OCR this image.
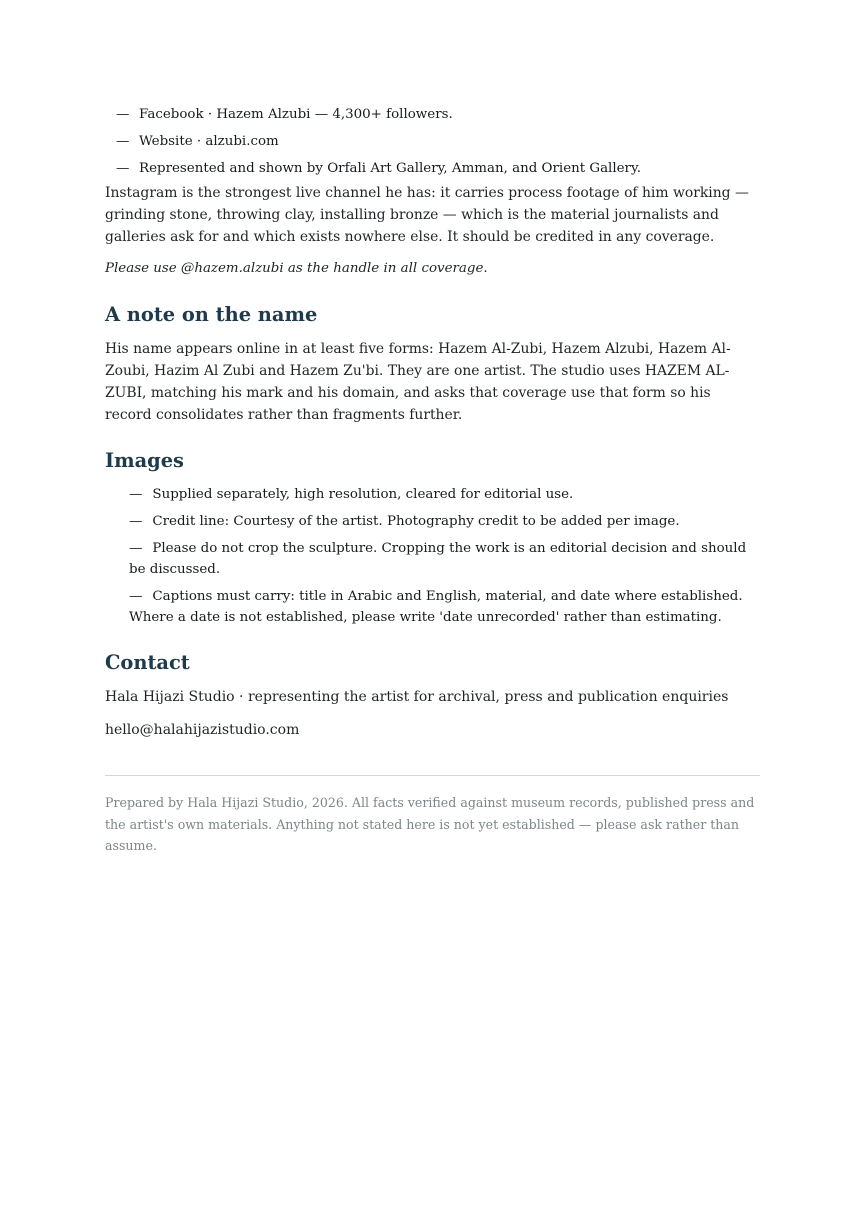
— Facebook · Hazem Alzubi — 4,300+ followers.
— Website · alzubi.com
— Represented and shown by Orfali Art Gallery, Amman, and Orient Gallery.

Instagram is the strongest live channel he has: it carries process footage of him working — grinding stone, throwing clay, installing bronze — which is the material journalists and galleries ask for and which exists nowhere else. It should be credited in any coverage.

Please use @hazem.alzubi as the handle in all coverage.

A note on the name

His name appears online in at least five forms: Hazem Al-Zubi, Hazem Alzubi, Hazem Al-Zoubi, Hazim Al Zubi and Hazem Zu'bi. They are one artist. The studio uses HAZEM AL-ZUBI, matching his mark and his domain, and asks that coverage use that form so his record consolidates rather than fragments further.

Images
— Supplied separately, high resolution, cleared for editorial use.
— Credit line: Courtesy of the artist. Photography credit to be added per image.
— Please do not crop the sculpture. Cropping the work is an editorial decision and should be discussed.
— Captions must carry: title in Arabic and English, material, and date where established. Where a date is not established, please write 'date unrecorded' rather than estimating.
Contact

Hala Hijazi Studio · representing the artist for archival, press and publication enquiries

hello@halahijazistudio.com

Prepared by Hala Hijazi Studio, 2026. All facts verified against museum records, published press and the artist's own materials. Anything not stated here is not yet established — please ask rather than assume.
